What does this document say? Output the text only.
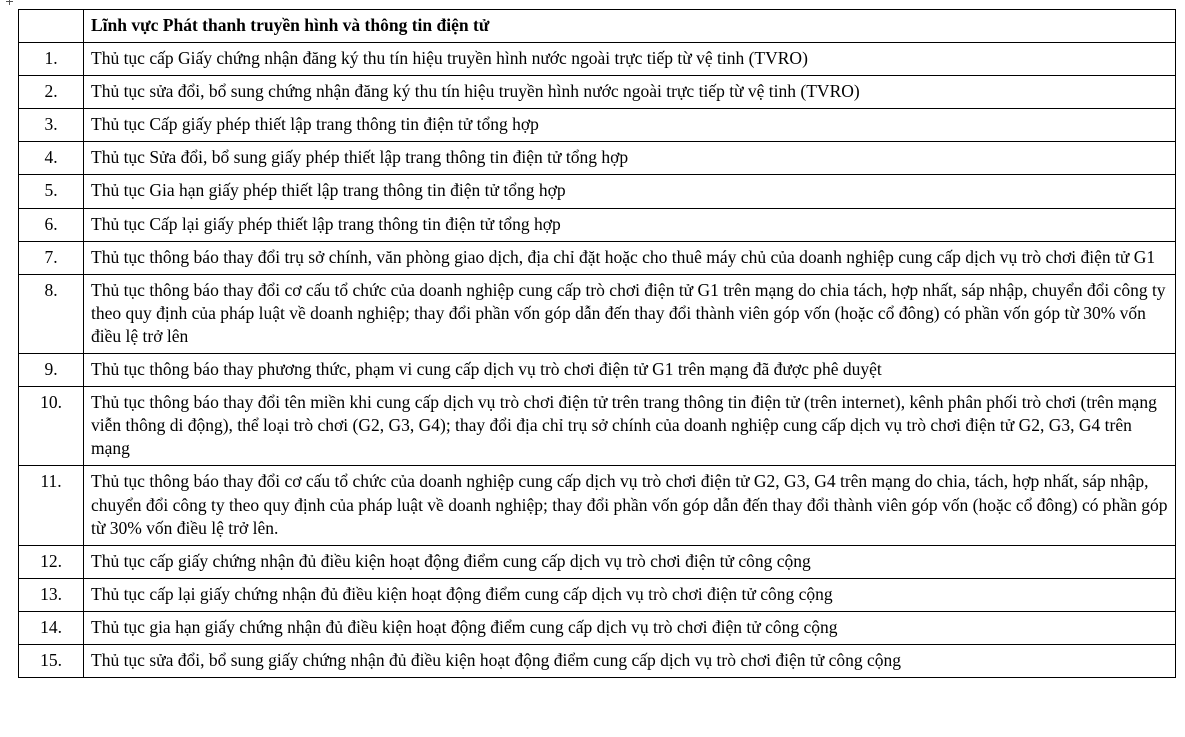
	Lĩnh vực Phát thanh truyền hình và thông tin điện tử
1.	Thủ tục cấp Giấy chứng nhận đăng ký thu tín hiệu truyền hình nước ngoài trực tiếp từ vệ tinh (TVRO)
2.	Thủ tục sửa đổi, bổ sung chứng nhận đăng ký thu tín hiệu truyền hình nước ngoài trực tiếp từ vệ tinh (TVRO)
3.	Thủ tục Cấp giấy phép thiết lập trang thông tin điện tử tổng hợp
4.	Thủ tục Sửa đổi, bổ sung giấy phép thiết lập trang thông tin điện tử tổng hợp
5.	Thủ tục Gia hạn giấy phép thiết lập trang thông tin điện tử tổng hợp
6.	Thủ tục Cấp lại giấy phép thiết lập trang thông tin điện tử tổng hợp
7.	Thủ tục thông báo thay đổi trụ sở chính, văn phòng giao dịch, địa chỉ đặt hoặc cho thuê máy chủ của doanh nghiệp cung cấp dịch vụ trò chơi điện tử G1
8.	Thủ tục thông báo thay đổi cơ cấu tổ chức của doanh nghiệp cung cấp trò chơi điện tử G1 trên mạng do chia tách, hợp nhất, sáp nhập, chuyển đổi công ty theo quy định của pháp luật về doanh nghiệp; thay đổi phần vốn góp dẫn đến thay đổi thành viên góp vốn (hoặc cổ đông) có phần vốn góp từ 30% vốn điều lệ trở lên
9.	Thủ tục thông báo thay phương thức, phạm vi cung cấp dịch vụ trò chơi điện tử G1 trên mạng đã được phê duyệt
10.	Thủ tục thông báo thay đổi tên miền khi cung cấp dịch vụ trò chơi điện tử trên trang thông tin điện tử (trên internet), kênh phân phối trò chơi (trên mạng viễn thông di động), thể loại trò chơi (G2, G3, G4); thay đổi địa chỉ trụ sở chính của doanh nghiệp cung cấp dịch vụ trò chơi điện tử G2, G3, G4 trên mạng
11.	Thủ tục thông báo thay đổi cơ cấu tổ chức của doanh nghiệp cung cấp dịch vụ trò chơi điện tử G2, G3, G4 trên mạng do chia, tách, hợp nhất, sáp nhập, chuyển đổi công ty theo quy định của pháp luật về doanh nghiệp; thay đổi phần vốn góp dẫn đến thay đổi thành viên góp vốn (hoặc cổ đông) có phần góp từ 30% vốn điều lệ trở lên.
12.	Thủ tục cấp giấy chứng nhận đủ điều kiện hoạt động điểm cung cấp dịch vụ trò chơi điện tử công cộng
13.	Thủ tục cấp lại giấy chứng nhận đủ điều kiện hoạt động điểm cung cấp dịch vụ trò chơi điện tử công cộng
14.	Thủ tục gia hạn giấy chứng nhận đủ điều kiện hoạt động điểm cung cấp dịch vụ trò chơi điện tử công cộng
15.	Thủ tục sửa đổi, bổ sung giấy chứng nhận đủ điều kiện hoạt động điểm cung cấp dịch vụ trò chơi điện tử công cộng
